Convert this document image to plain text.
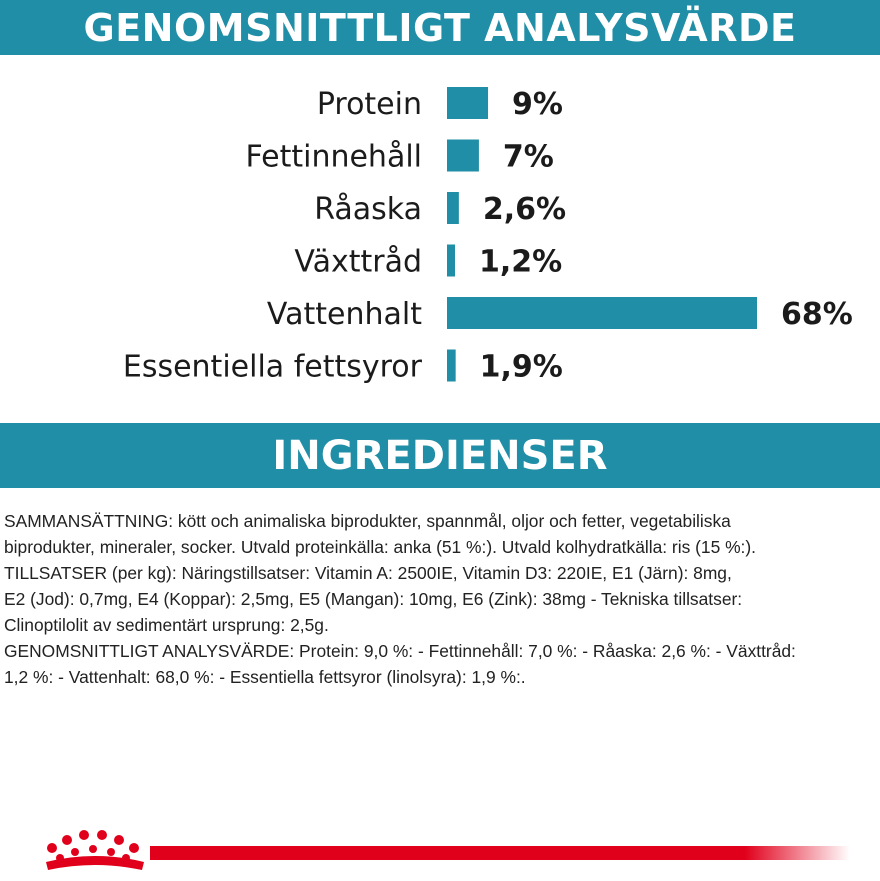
GENOMSNITTLIGT ANALYSVÄRDE
Protein	9%
Fettinnehåll	7%
Råaska 2,6%
Växttråd 1,2%
Vattenhalt	68%
Essentiella fettsyror 1,9%
INGREDIENSER
SAMMANSÄTTNING: kött och animaliska biprodukter, spannmål, oljor och fetter, vegetabiliska
biprodukter, mineraler, socker. Utvald proteinkälla: anka (51 %:). Utvald kolhydratkälla: ris (15 %:).
TILLSATSER (per kg): Näringstillsatser: Vitamin A: 2500IE, Vitamin D3: 220IE, E1 (Järn): 8mg,
E2 (Jod): 0,7mg, E4 (Koppar): 2,5mg, E5 (Mangan): 10mg, E6 (Zink): 38mg - Tekniska tillsatser:
Clinoptilolit av sedimentärt ursprung: 2,5g.
GENOMSNITTLIGT ANALYSVÄRDE: Protein: 9,0 %: - Fettinnehåll: 7,0 %: - Råaska: 2,6 %: - Växttråd:
1,2 %: - Vattenhalt: 68,0 %: - Essentiella fettsyror (linolsyra): 1,9 %:.
